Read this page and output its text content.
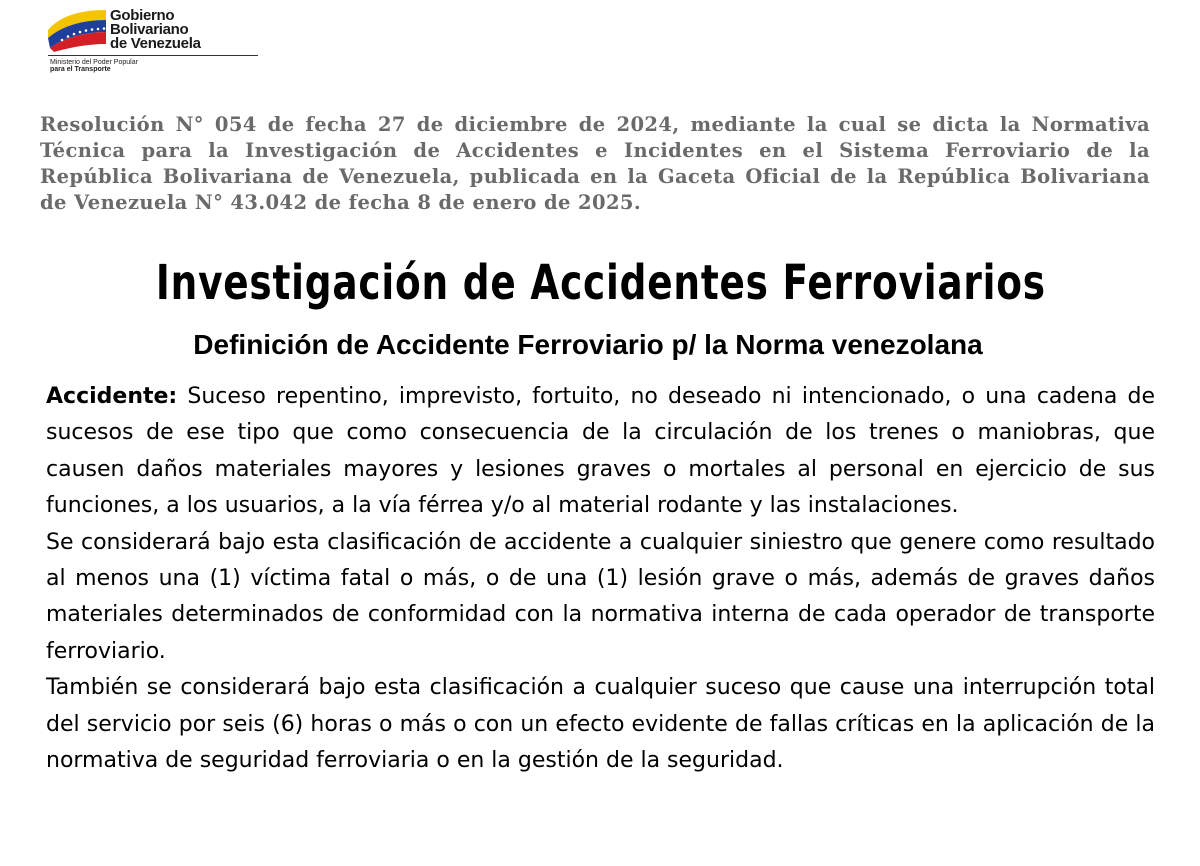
Gobierno
Bolivariano
de Venezuela
Ministerio del Poder Popular
para el Transporte
Resolución N° 054 de fecha 27 de diciembre de 2024, mediante la cual se dicta la Normativa Técnica para la Investigación de Accidentes e Incidentes en el Sistema Ferroviario de la República Bolivariana de Venezuela, publicada en la Gaceta Oficial de la República Bolivariana de Venezuela N° 43.042 de fecha 8 de enero de 2025.
Investigación de Accidentes Ferroviarios
Definición de Accidente Ferroviario p/ la Norma venezolana

Accidente: Suceso repentino, imprevisto, fortuito, no deseado ni intencionado, o una cadena de sucesos de ese tipo que como consecuencia de la circulación de los trenes o maniobras, que causen daños materiales mayores y lesiones graves o mortales al personal en ejercicio de sus funciones, a los usuarios, a la vía férrea y/o al material rodante y las instalaciones.

Se considerará bajo esta clasificación de accidente a cualquier siniestro que genere como resultado al menos una (1) víctima fatal o más, o de una (1) lesión grave o más, además de graves daños materiales determinados de conformidad con la normativa interna de cada operador de transporte ferroviario.

También se considerará bajo esta clasificación a cualquier suceso que cause una interrupción total del servicio por seis (6) horas o más o con un efecto evidente de fallas críticas en la aplicación de la normativa de seguridad ferroviaria o en la gestión de la seguridad.
